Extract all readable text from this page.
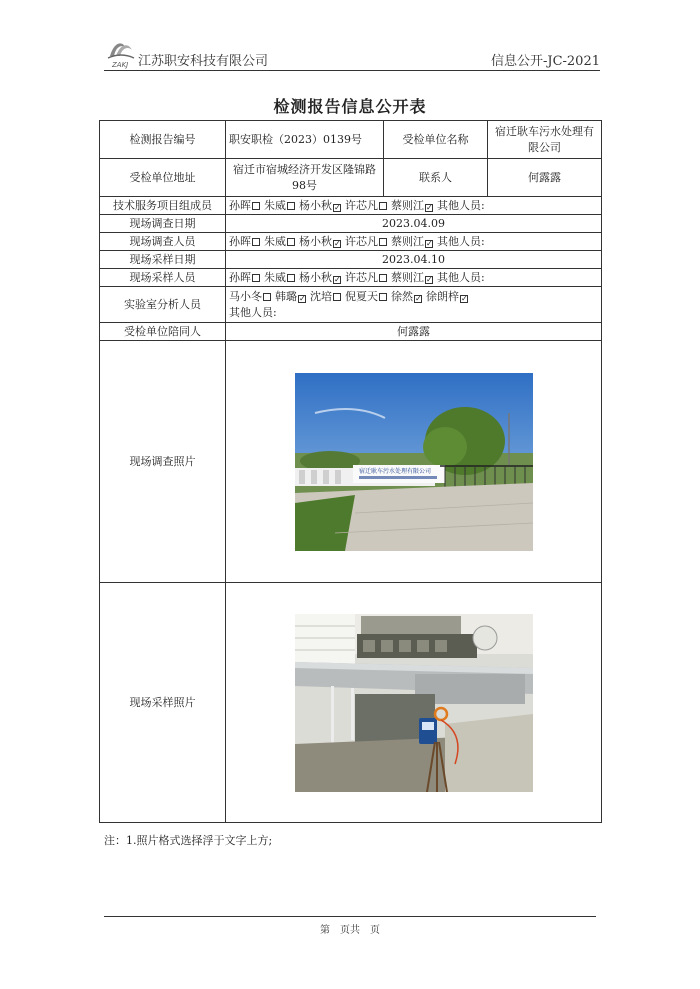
ZAKJ 江苏职安科技有限公司	信息公开-JC-2021
检测报告信息公开表
检测报告编号	职安职检（2023）0139号	受检单位名称	宿迁耿车污水处理有限公司
受检单位地址	宿迁市宿城经济开发区隆锦路98号	联系人	何露露
技术服务项目组成员	孙晖 朱威 杨小秋 ✓ 许芯凡 蔡则江 ✓ 其他人员:		
现场调查日期	2023.04.09		
现场调查人员	孙晖 朱威 杨小秋 ✓ 许芯凡 蔡则江 ✓ 其他人员:		
现场采样日期	2023.04.10		
现场采样人员	孙晖 朱威 杨小秋 ✓ 许芯凡 蔡则江 ✓ 其他人员:		
实验室分析人员	马小冬 韩璐 ✓ 沈培 倪夏天 徐然 ✓ 徐朗梓 ✓
其他人员:		

受检单位陪同人	何露露		
现场调查照片	宿迁耿车污水处理有限公司		

现场采样照片	
注：1.照片格式选择浮于文字上方;
第　页共　页
